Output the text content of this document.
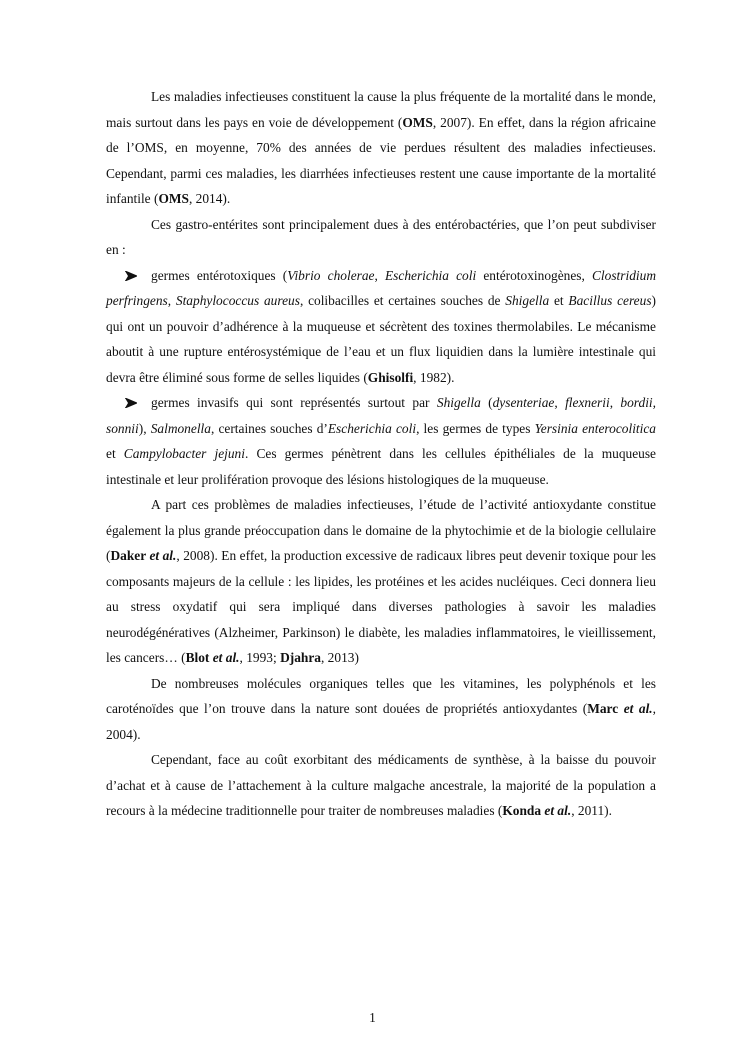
Les maladies infectieuses constituent la cause la plus fréquente de la mortalité dans le monde, mais surtout dans les pays en voie de développement (OMS, 2007). En effet, dans la région africaine de l’OMS, en moyenne, 70% des années de vie perdues résultent des maladies infectieuses. Cependant, parmi ces maladies, les diarrhées infectieuses restent une cause importante de la mortalité infantile (OMS, 2014).

Ces gastro-entérites sont principalement dues à des entérobactéries, que l’on peut subdiviser en :

germes entérotoxiques (Vibrio cholerae, Escherichia coli entérotoxinogènes, Clostridium perfringens, Staphylococcus aureus, colibacilles et certaines souches de Shigella et Bacillus cereus) qui ont un pouvoir d’adhérence à la muqueuse et sécrètent des toxines thermolabiles. Le mécanisme aboutit à une rupture entérosystémique de l’eau et un flux liquidien dans la lumière intestinale qui devra être éliminé sous forme de selles liquides (Ghisolfi, 1982).

germes invasifs qui sont représentés surtout par Shigella (dysenteriae, flexnerii, bordii, sonnii), Salmonella, certaines souches d’Escherichia coli, les germes de types Yersinia enterocolitica et Campylobacter jejuni. Ces germes pénètrent dans les cellules épithéliales de la muqueuse intestinale et leur prolifération provoque des lésions histologiques de la muqueuse.

A part ces problèmes de maladies infectieuses, l’étude de l’activité antioxydante constitue également la plus grande préoccupation dans le domaine de la phytochimie et de la biologie cellulaire (Daker et al., 2008). En effet, la production excessive de radicaux libres peut devenir toxique pour les composants majeurs de la cellule : les lipides, les protéines et les acides nucléiques. Ceci donnera lieu au stress oxydatif qui sera impliqué dans diverses pathologies à savoir les maladies neurodégénératives (Alzheimer, Parkinson) le diabète, les maladies inflammatoires, le vieillissement, les cancers… (Blot et al., 1993; Djahra, 2013)

De nombreuses molécules organiques telles que les vitamines, les polyphénols et les caroténoïdes que l’on trouve dans la nature sont douées de propriétés antioxydantes (Marc et al., 2004).

Cependant, face au coût exorbitant des médicaments de synthèse, à la baisse du pouvoir d’achat et à cause de l’attachement à la culture malgache ancestrale, la majorité de la population a recours à la médecine traditionnelle pour traiter de nombreuses maladies (Konda et al., 2011).

1
